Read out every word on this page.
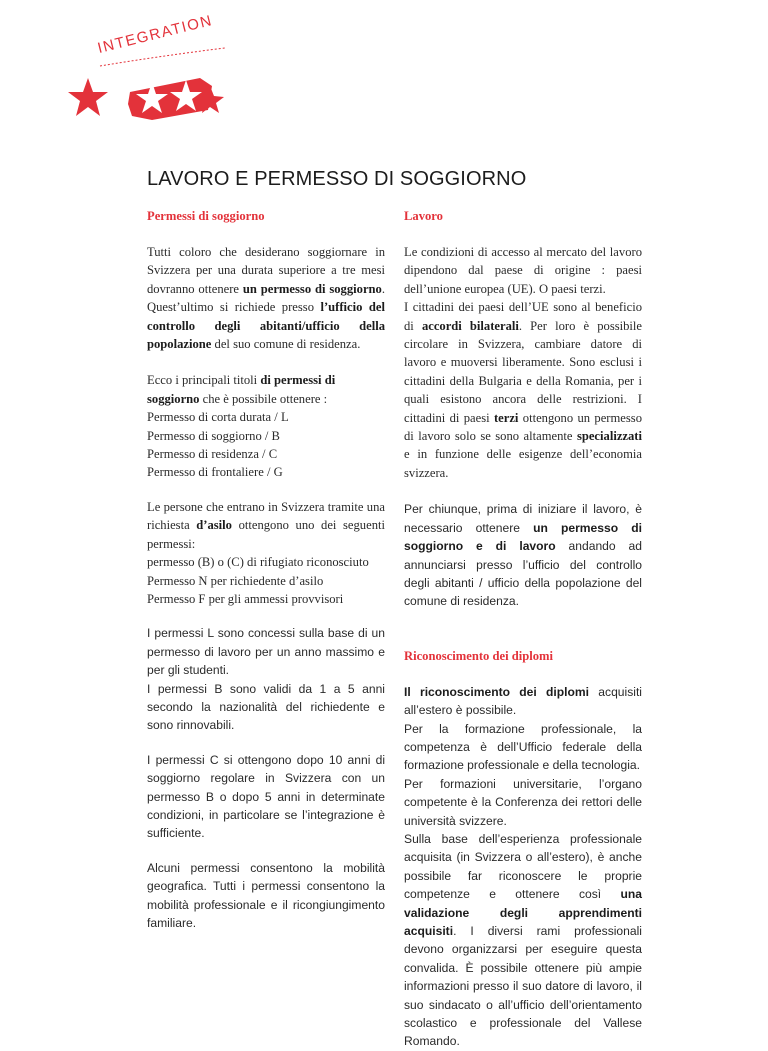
INTEGRATION
LAVORO E PERMESSO DI SOGGIORNO
Permessi di soggiorno

Tutti coloro che desiderano soggiornare in Svizzera per una durata superiore a tre mesi dovranno ottenere un permesso di soggiorno. Quest’ultimo si richiede presso l’ufficio del controllo degli abitanti/ufficio della popolazione del suo comune di residenza.

Ecco i principali titoli di permessi di soggiorno che è possibile ottenere :
Permesso di corta durata / L
Permesso di soggiorno / B
Permesso di residenza / C
Permesso di frontaliere / G

Le persone che entrano in Svizzera tramite una richiesta d’asilo ottengono uno dei seguenti permessi:
permesso (B) o (C) di rifugiato riconosciuto
Permesso N per richiedente d’asilo
Permesso F per gli ammessi provvisori

I permessi L sono concessi sulla base di un permesso di lavoro per un anno massimo e per gli studenti.
I permessi B sono validi da 1 a 5 anni secondo la nazionalità del richiedente e sono rinnovabili.

I permessi C si ottengono dopo 10 anni di soggiorno regolare in Svizzera con un permesso B o dopo 5 anni in determinate condizioni, in particolare se l’integrazione è sufficiente.

Alcuni permessi consentono la mobilità geografica. Tutti i permessi consentono la mobilità professionale e il ricongiungimento familiare.

Lavoro

Le condizioni di accesso al mercato del lavoro dipendono dal paese di origine : paesi dell’unione europea (UE). O paesi terzi.
I cittadini dei paesi dell’UE sono al beneficio di accordi bilaterali. Per loro è possibile circolare in Svizzera, cambiare datore di lavoro e muoversi liberamente. Sono esclusi i cittadini della Bulgaria e della Romania, per i quali esistono ancora delle restrizioni. I cittadini di paesi terzi ottengono un permesso di lavoro solo se sono altamente specializzati e in funzione delle esigenze dell’economia svizzera.

Per chiunque, prima di iniziare il lavoro, è necessario ottenere un permesso di soggiorno e di lavoro andando ad annunciarsi presso l’ufficio del controllo degli abitanti / ufficio della popolazione del comune di residenza.

Riconoscimento dei diplomi

Il riconoscimento dei diplomi acquisiti all’estero è possibile.
Per la formazione professionale, la competenza è dell’Ufficio federale della formazione professionale e della tecnologia.
Per formazioni universitarie, l’organo competente è la Conferenza dei rettori delle università svizzere.
Sulla base dell’esperienza professionale acquisita (in Svizzera o all’estero), è anche possibile far riconoscere le proprie competenze e ottenere così una validazione degli apprendimenti acquisiti. I diversi rami professionali devono organizzarsi per eseguire questa convalida. È possibile ottenere più ampie informazioni presso il suo datore di lavoro, il suo sindacato o all’ufficio dell’orientamento scolastico e professionale del Vallese Romando.
